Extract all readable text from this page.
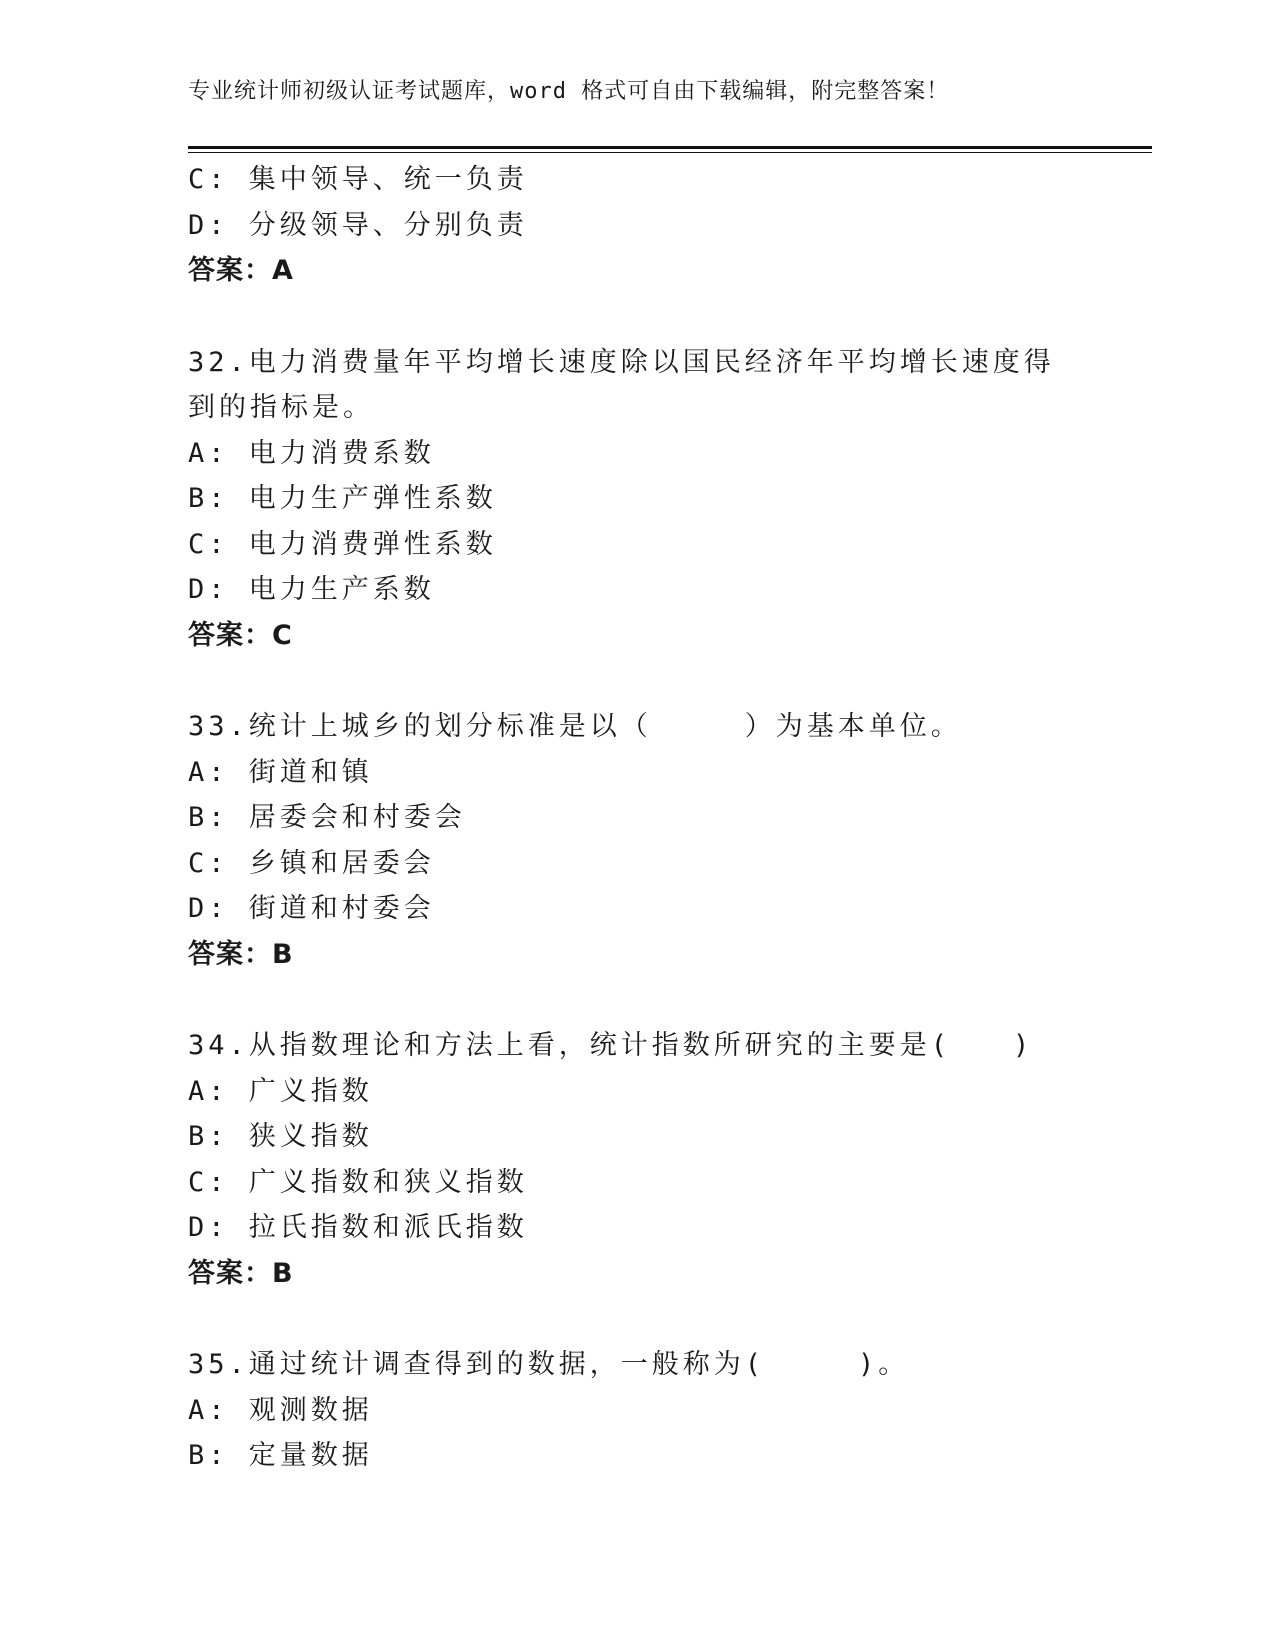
专业统计师初级认证考试题库，word 格式可自由下载编辑，附完整答案！
C: 集中领导、统一负责
D: 分级领导、分别负责
答案：A
32.电力消费量年平均增长速度除以国民经济年平均增长速度得到的指标是。
A: 电力消费系数
B: 电力生产弹性系数
C: 电力消费弹性系数
D: 电力生产系数
答案：C
33.统计上城乡的划分标准是以（　　　）为基本单位。
A: 街道和镇
B: 居委会和村委会
C: 乡镇和居委会
D: 街道和村委会
答案：B
34.从指数理论和方法上看，统计指数所研究的主要是(　　)
A: 广义指数
B: 狭义指数
C: 广义指数和狭义指数
D: 拉氏指数和派氏指数
答案：B
35.通过统计调查得到的数据，一般称为(　　　)。
A: 观测数据
B: 定量数据
